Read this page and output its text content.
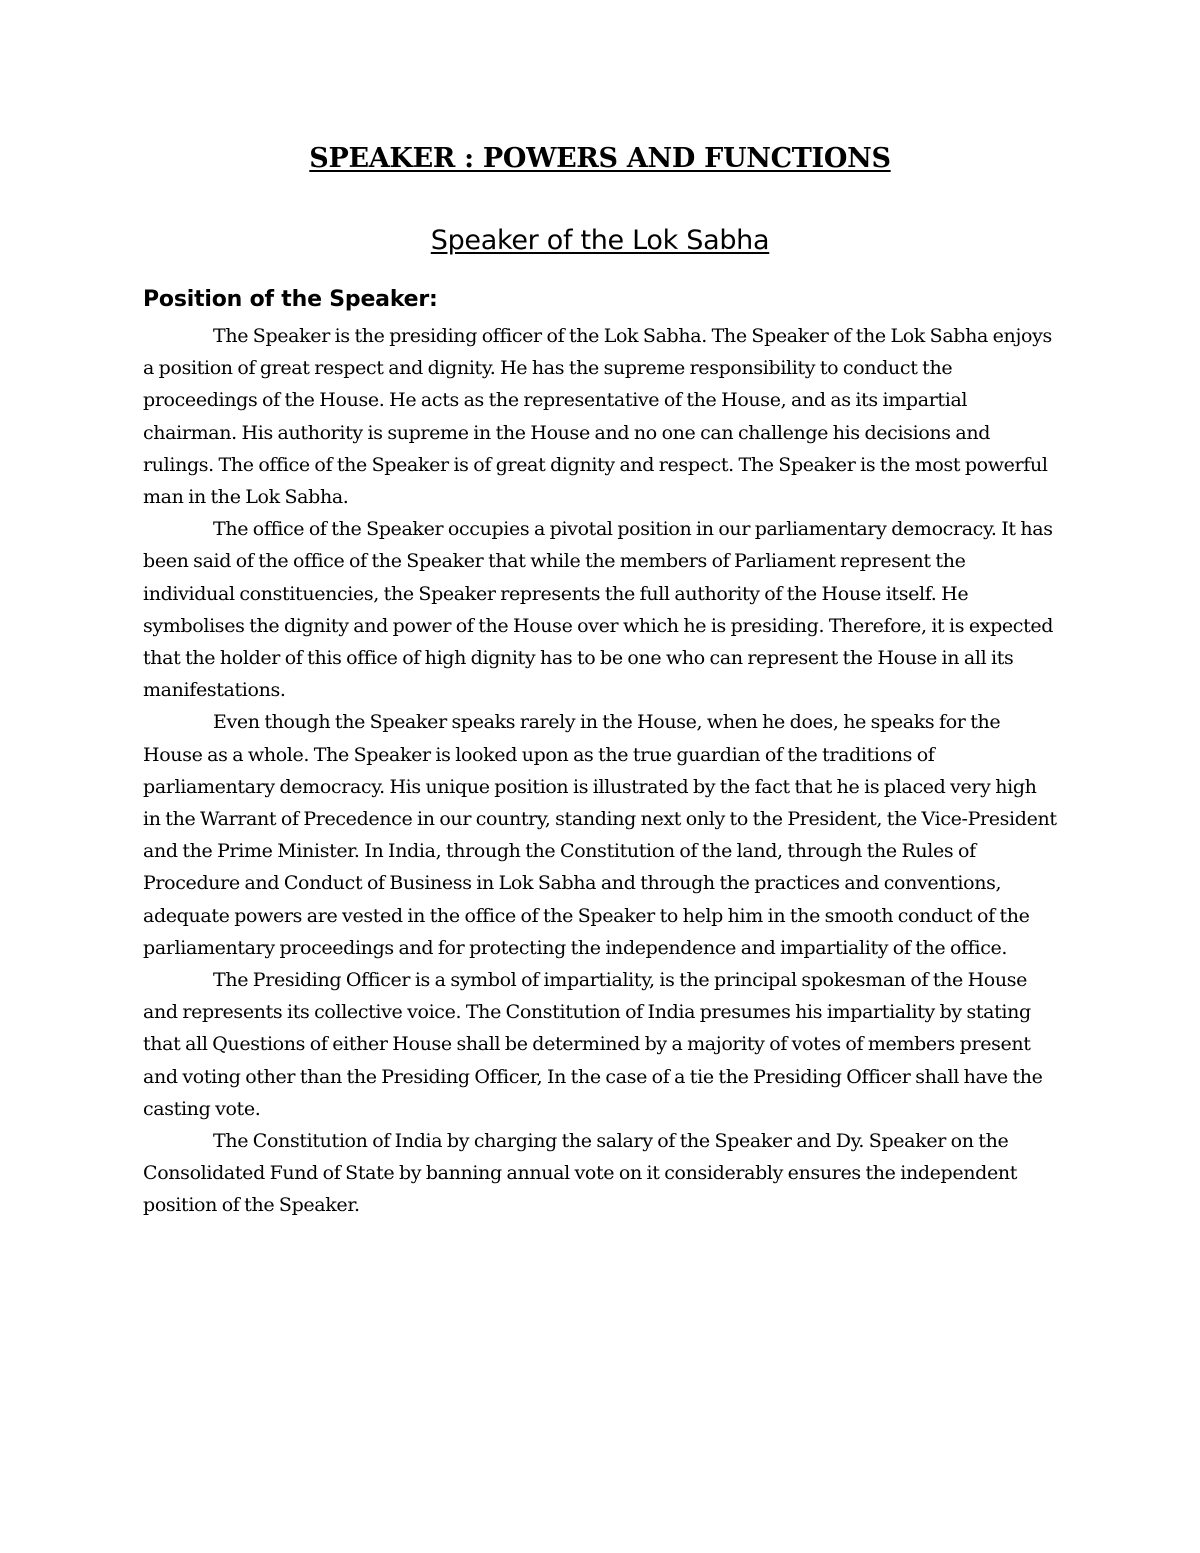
SPEAKER : POWERS AND FUNCTIONS
Speaker of the Lok Sabha
Position of the Speaker:

The Speaker is the presiding officer of the Lok Sabha. The Speaker of the Lok Sabha enjoys a position of great respect and dignity. He has the supreme responsibility to conduct the proceedings of the House. He acts as the representative of the House, and as its impartial chairman. His authority is supreme in the House and no one can challenge his decisions and rulings. The office of the Speaker is of great dignity and respect. The Speaker is the most powerful man in the Lok Sabha.

The office of the Speaker occupies a pivotal position in our parliamentary democracy. It has been said of the office of the Speaker that while the members of Parliament represent the individual constituencies, the Speaker represents the full authority of the House itself. He symbolises the dignity and power of the House over which he is presiding. Therefore, it is expected that the holder of this office of high dignity has to be one who can represent the House in all its manifestations.

Even though the Speaker speaks rarely in the House, when he does, he speaks for the House as a whole. The Speaker is looked upon as the true guardian of the traditions of parliamentary democracy. His unique position is illustrated by the fact that he is placed very high in the Warrant of Precedence in our country, standing next only to the President, the Vice-President and the Prime Minister. In India, through the Constitution of the land, through the Rules of Procedure and Conduct of Business in Lok Sabha and through the practices and conventions, adequate powers are vested in the office of the Speaker to help him in the smooth conduct of the parliamentary proceedings and for protecting the independence and impartiality of the office.

The Presiding Officer is a symbol of impartiality, is the principal spokesman of the House and represents its collective voice. The Constitution of India presumes his impartiality by stating that all Questions of either House shall be determined by a majority of votes of members present and voting other than the Presiding Officer, In the case of a tie the Presiding Officer shall have the casting vote.

The Constitution of India by charging the salary of the Speaker and Dy. Speaker on the Consolidated Fund of State by banning annual vote on it considerably ensures the independent position of the Speaker.
